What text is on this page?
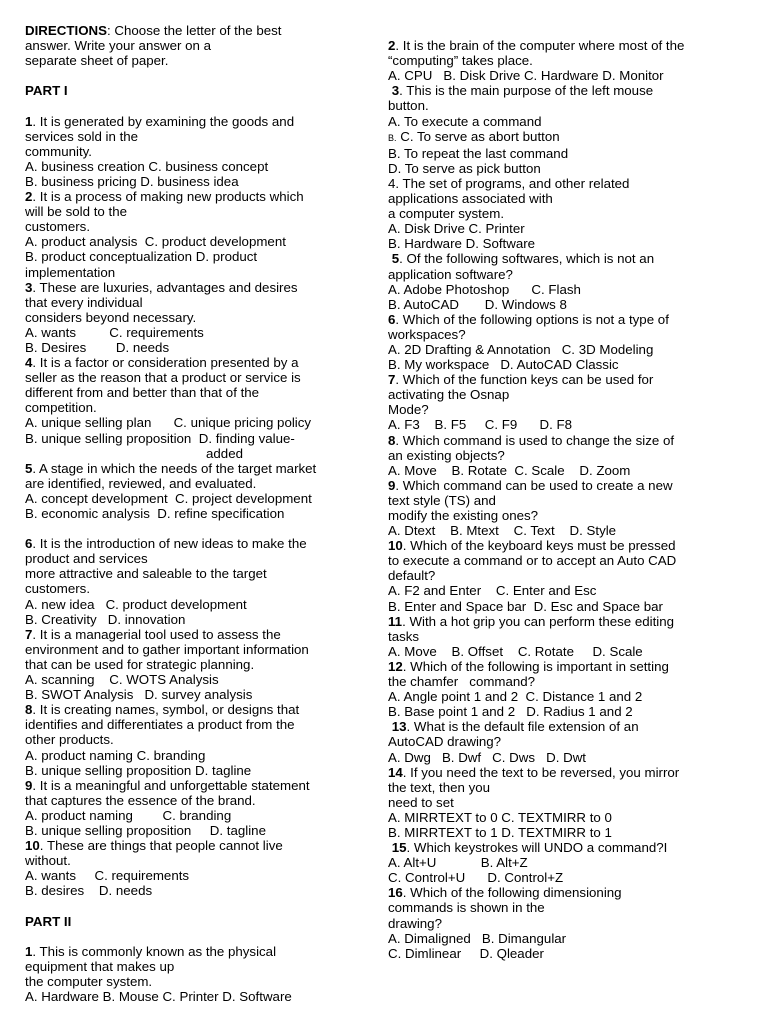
DIRECTIONS: Choose the letter of the best
answer. Write your answer on a
separate sheet of paper.
PART I
1. It is generated by examining the goods and
services sold in the
community.
A. business creation C. business concept
B. business pricing D. business idea
2. It is a process of making new products which
will be sold to the
customers.
A. product analysis  C. product development
B. product conceptualization D. product
implementation
3. These are luxuries, advantages and desires
that every individual
considers beyond necessary.
A. wants         C. requirements
B. Desires        D. needs
4. It is a factor or consideration presented by a
seller as the reason that a product or service is
different from and better than that of the
competition.
A. unique selling plan      C. unique pricing policy
B. unique selling proposition  D. finding value-
added
5. A stage in which the needs of the target market
are identified, reviewed, and evaluated.
A. concept development  C. project development
B. economic analysis  D. refine specification
6. It is the introduction of new ideas to make the
product and services
more attractive and saleable to the target
customers.
A. new idea   C. product development
B. Creativity   D. innovation
7. It is a managerial tool used to assess the
environment and to gather important information
that can be used for strategic planning.
A. scanning    C. WOTS Analysis
B. SWOT Analysis   D. survey analysis
8. It is creating names, symbol, or designs that
identifies and differentiates a product from the
other products.
A. product naming C. branding
B. unique selling proposition D. tagline
9. It is a meaningful and unforgettable statement
that captures the essence of the brand.
A. product naming        C. branding
B. unique selling proposition     D. tagline
10. These are things that people cannot live
without.
A. wants     C. requirements
B. desires    D. needs
PART II
1. This is commonly known as the physical
equipment that makes up
the computer system.
A. Hardware B. Mouse C. Printer D. Software
2. It is the brain of the computer where most of the
“computing” takes place.
A. CPU   B. Disk Drive C. Hardware D. Monitor
3. This is the main purpose of the left mouse
button.
A. To execute a command
B. C. To serve as abort button
B. To repeat the last command
D. To serve as pick button
4. The set of programs, and other related
applications associated with
a computer system.
A. Disk Drive C. Printer
B. Hardware D. Software
5. Of the following softwares, which is not an
application software?
A. Adobe Photoshop      C. Flash
B. AutoCAD       D. Windows 8
6. Which of the following options is not a type of
workspaces?
A. 2D Drafting & Annotation   C. 3D Modeling
B. My workspace   D. AutoCAD Classic
7. Which of the function keys can be used for
activating the Osnap
Mode?
A. F3    B. F5     C. F9      D. F8
8. Which command is used to change the size of
an existing objects?
A. Move    B. Rotate  C. Scale    D. Zoom
9. Which command can be used to create a new
text style (TS) and
modify the existing ones?
A. Dtext    B. Mtext    C. Text    D. Style
10. Which of the keyboard keys must be pressed
to execute a command or to accept an Auto CAD
default?
A. F2 and Enter    C. Enter and Esc
B. Enter and Space bar  D. Esc and Space bar
11. With a hot grip you can perform these editing
tasks
A. Move    B. Offset    C. Rotate     D. Scale
12. Which of the following is important in setting
the chamfer   command?
A. Angle point 1 and 2  C. Distance 1 and 2
B. Base point 1 and 2   D. Radius 1 and 2
13. What is the default file extension of an
AutoCAD drawing?
A. Dwg   B. Dwf   C. Dws   D. Dwt
14. If you need the text to be reversed, you mirror
the text, then you
need to set
A. MIRRTEXT to 0 C. TEXTMIRR to 0
B. MIRRTEXT to 1 D. TEXTMIRR to 1
15. Which keystrokes will UNDO a command?I
A. Alt+U            B. Alt+Z
C. Control+U      D. Control+Z
16. Which of the following dimensioning
commands is shown in the
drawing?
A. Dimaligned   B. Dimangular
C. Dimlinear     D. Qleader
